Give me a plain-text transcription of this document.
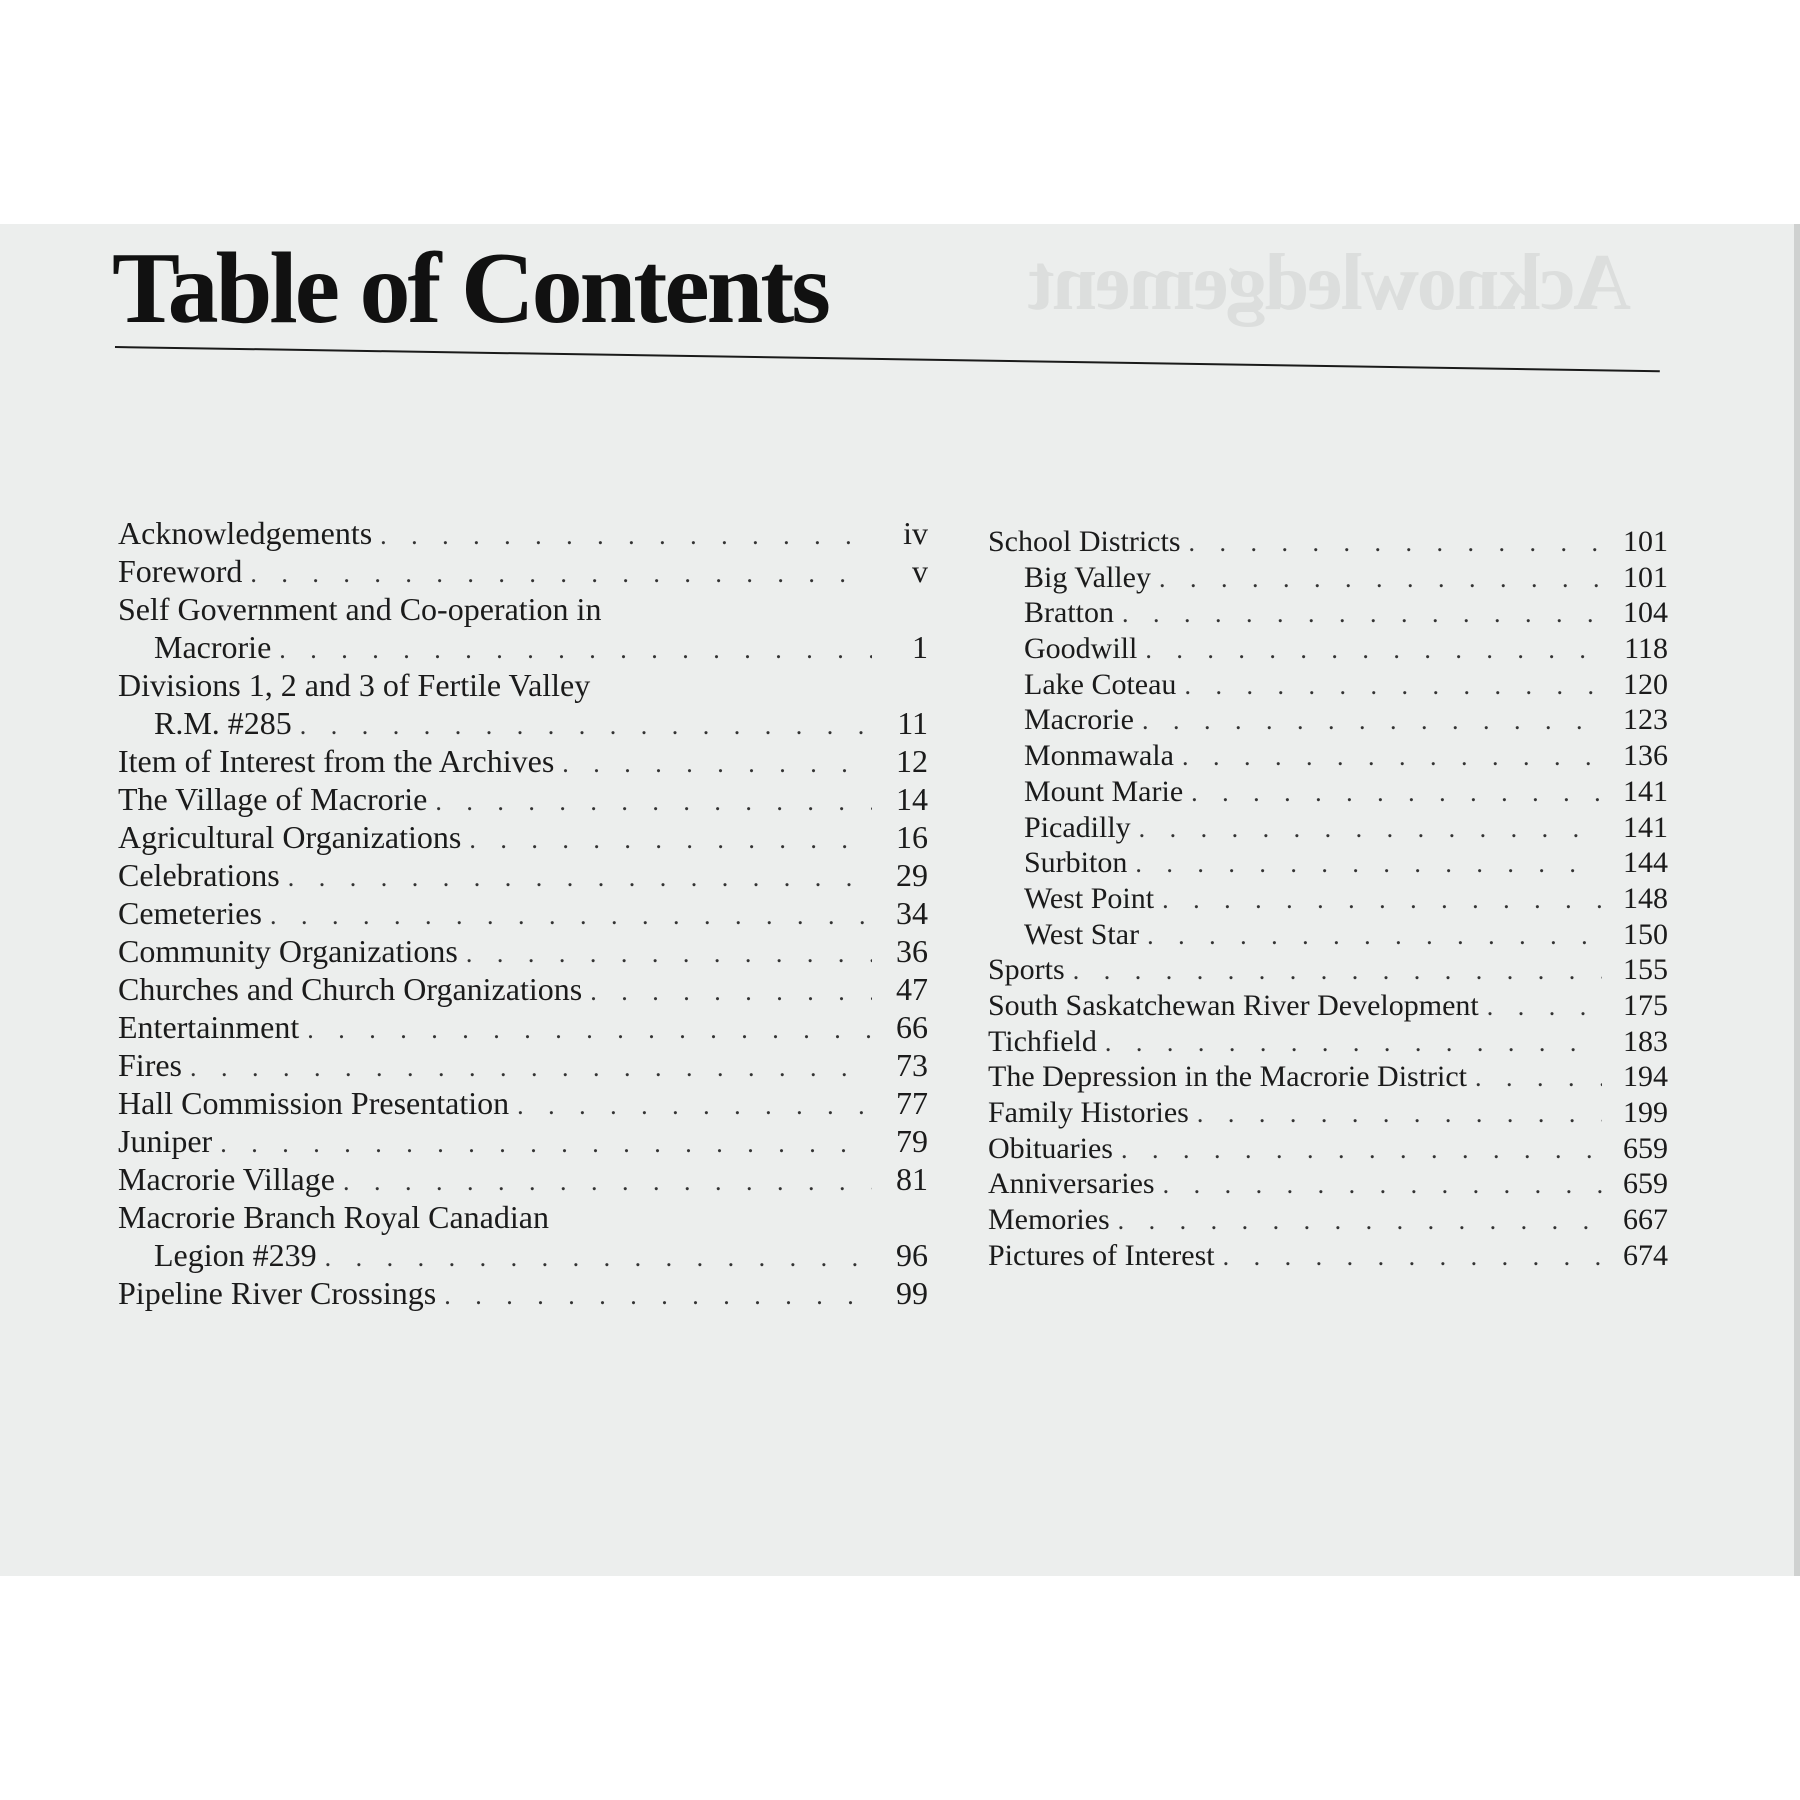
Acknowledgement
Table of Contents
Acknowledgements . . .	iv
Foreword . . .	v
Self Government and Co-operation in
Macrorie . . .	1
Divisions 1, 2 and 3 of Fertile Valley
R.M. #285 . . .	11
Item of Interest from the Archives . . .	12
The Village of Macrorie . . .	14
Agricultural Organizations . . .	16
Celebrations . . .	29
Cemeteries . . .	34
Community Organizations . . .	36
Churches and Church Organizations . . .	47
Entertainment . . .	66
Fires . . .	73
Hall Commission Presentation . . .	77
Juniper . . .	79
Macrorie Village . . .	81
Macrorie Branch Royal Canadian
Legion #239 . . .	96
Pipeline River Crossings . . .	99
School Districts . . .	101
Big Valley . . .	101
Bratton . . .	104
Goodwill . . .	118
Lake Coteau . . .	120
Macrorie . . .	123
Monmawala . . .	136
Mount Marie . . .	141
Picadilly . . .	141
Surbiton . . .	144
West Point . . .	148
West Star . . .	150
Sports . . .	155
South Saskatchewan River Development . . .	175
Tichfield . . .	183
The Depression in the Macrorie District . . .	194
Family Histories . . .	199
Obituaries . . .	659
Anniversaries . . .	659
Memories . . .	667
Pictures of Interest . . .	674
